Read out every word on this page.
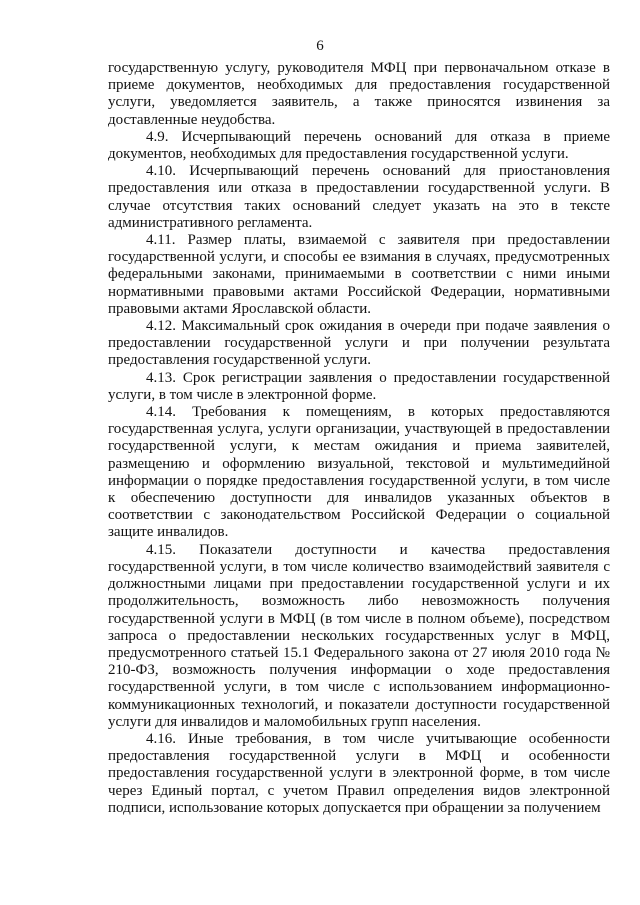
6

государственную услугу, руководителя МФЦ при первоначальном отказе в приеме документов, необходимых для предоставления государственной услуги, уведомляется заявитель, а также приносятся извинения за доставленные неудобства.

4.9. Исчерпывающий перечень оснований для отказа в приеме документов, необходимых для предоставления государственной услуги.

4.10. Исчерпывающий перечень оснований для приостановления предоставления или отказа в предоставлении государственной услуги. В случае отсутствия таких оснований следует указать на это в тексте административного регламента.

4.11. Размер платы, взимаемой с заявителя при предоставлении государственной услуги, и способы ее взимания в случаях, предусмотренных федеральными законами, принимаемыми в соответствии с ними иными нормативными правовыми актами Российской Федерации, нормативными правовыми актами Ярославской области.

4.12. Максимальный срок ожидания в очереди при подаче заявления о предоставлении государственной услуги и при получении результата предоставления государственной услуги.

4.13. Срок регистрации заявления о предоставлении государственной услуги, в том числе в электронной форме.

4.14. Требования к помещениям, в которых предоставляются государственная услуга, услуги организации, участвующей в предоставлении государственной услуги, к местам ожидания и приема заявителей, размещению и оформлению визуальной, текстовой и мультимедийной информации о порядке предоставления государственной услуги, в том числе к обеспечению доступности для инвалидов указанных объектов в соответствии с законодательством Российской Федерации о социальной защите инвалидов.

4.15. Показатели доступности и качества предоставления государственной услуги, в том числе количество взаимодействий заявителя с должностными лицами при предоставлении государственной услуги и их продолжительность, возможность либо невозможность получения государственной услуги в МФЦ (в том числе в полном объеме), посредством запроса о предоставлении нескольких государственных услуг в МФЦ, предусмотренного статьей 15.1 Федерального закона от 27 июля 2010 года № 210-ФЗ, возможность получения информации о ходе предоставления государственной услуги, в том числе с использованием информационно-коммуникационных технологий, и показатели доступности государственной услуги для инвалидов и маломобильных групп населения.

4.16. Иные требования, в том числе учитывающие особенности предоставления государственной услуги в МФЦ и особенности предоставления государственной услуги в электронной форме, в том числе через Единый портал, с учетом Правил определения видов электронной подписи, использование которых допускается при обращении за получением
